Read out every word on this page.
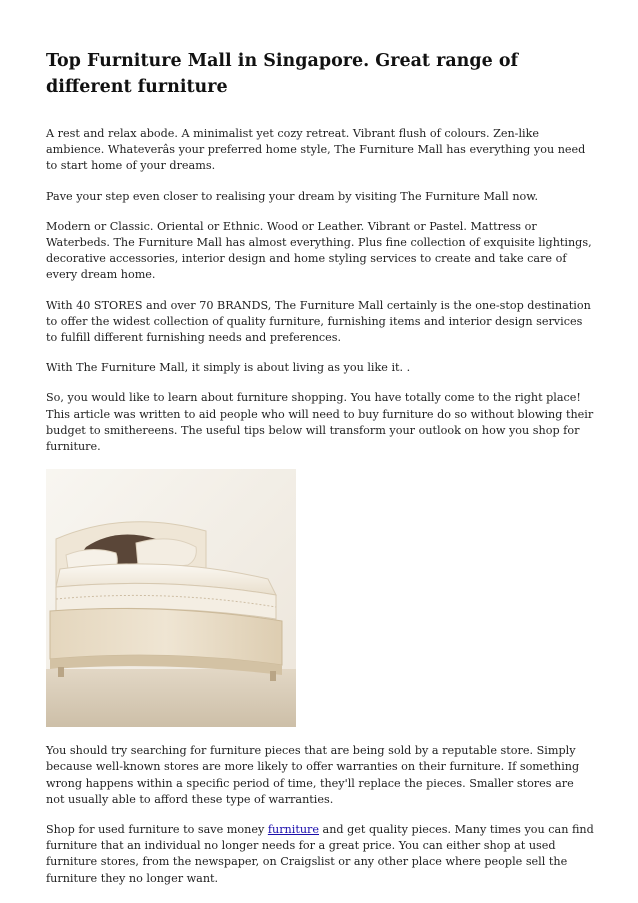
Top Furniture Mall in Singapore. Great range of different furniture

A rest and relax abode. A minimalist yet cozy retreat. Vibrant flush of colours. Zen-like ambience. Whateverâs your preferred home style, The Furniture Mall has everything you need to start home of your dreams.

Pave your step even closer to realising your dream by visiting The Furniture Mall now.

Modern or Classic. Oriental or Ethnic. Wood or Leather. Vibrant or Pastel. Mattress or Waterbeds. The Furniture Mall has almost everything. Plus fine collection of exquisite lightings, decorative accessories, interior design and home styling services to create and take care of every dream home.

With 40 STORES and over 70 BRANDS, The Furniture Mall certainly is the one-stop destination to offer the widest collection of quality furniture, furnishing items and interior design services to fulfill different furnishing needs and preferences.

With The Furniture Mall, it simply is about living as you like it. .

So, you would like to learn about furniture shopping. You have totally come to the right place! This article was written to aid people who will need to buy furniture do so without blowing their budget to smithereens. The useful tips below will transform your outlook on how you shop for furniture.

You should try searching for furniture pieces that are being sold by a reputable store. Simply because well-known stores are more likely to offer warranties on their furniture. If something wrong happens within a specific period of time, they'll replace the pieces. Smaller stores are not usually able to afford these type of warranties.

Shop for used furniture to save money furniture and get quality pieces. Many times you can find furniture that an individual no longer needs for a great price. You can either shop at used furniture stores, from the newspaper, on Craigslist or any other place where people sell the furniture they no longer want.
